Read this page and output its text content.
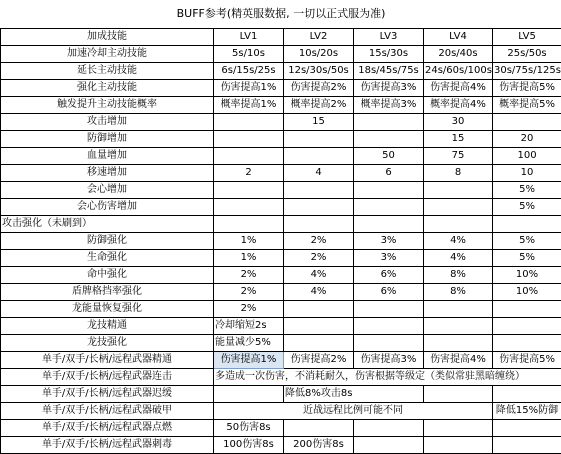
BUFF参考(精英服数据, 一切以正式服为准)					
加成技能	LV1	LV2	LV3	LV4	LV5
加速冷却主动技能	5s/10s	10s/20s	15s/30s	20s/40s	25s/50s
延长主动技能	6s/15s/25s	12s/30s/50s	18s/45s/75s	24s/60s/100s	30s/75s/125s
强化主动技能	伤害提高1%	伤害提高2%	伤害提高3%	伤害提高4%	伤害提高5%
触发提升主动技能概率	概率提高1%	概率提高2%	概率提高3%	概率提高4%	概率提高5%
攻击增加		15		30	
防御增加				15	20
血量增加			50	75	100
移速增加	2	4	6	8	10
会心增加					5%
会心伤害增加					5%
攻击强化（未刷到）					
防御强化	1%	2%	3%	4%	5%
生命强化	1%	2%	3%	4%	5%
命中强化	2%	4%	6%	8%	10%
盾牌格挡率强化	2%	4%	6%	8%	10%
龙能量恢复强化	2%				
龙技精通	冷却缩短2s				
龙技强化	能量减少5%				
单手/双手/长柄/远程武器精通	伤害提高1%	伤害提高2%	伤害提高3%	伤害提高4%	伤害提高5%
单手/双手/长柄/远程武器连击	多造成一次伤害，不消耗耐久，伤害根据等级定（类似常驻黑暗缠绕）				
单手/双手/长柄/远程武器迟缓		降低8%攻击8s			
单手/双手/长柄/远程武器破甲	近战远程比例可能不同				降低15%防御
单手/双手/长柄/远程武器点燃	50伤害8s				
单手/双手/长柄/远程武器刺毒	100伤害8s	200伤害8s			
